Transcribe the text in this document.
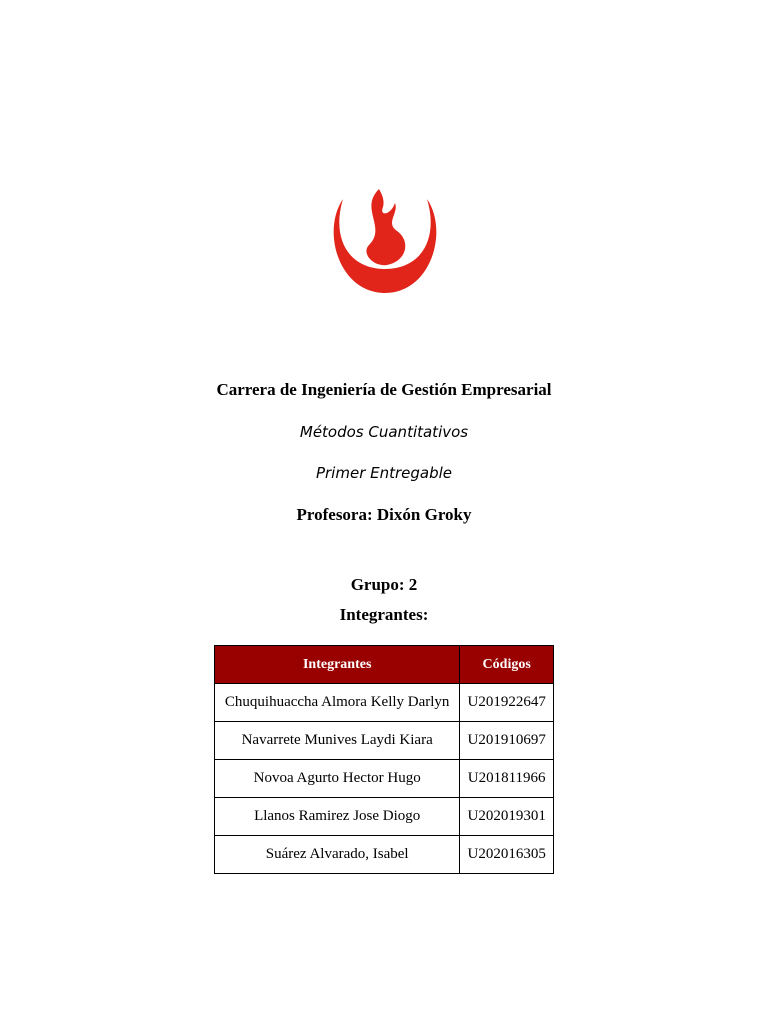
Carrera de Ingeniería de Gestión Empresarial
Métodos Cuantitativos
Primer Entregable
Profesora: Dixón Groky
Grupo: 2
Integrantes:
Integrantes	Códigos
Chuquihuaccha Almora Kelly Darlyn	U201922647
Navarrete Munives Laydi Kiara	U201910697
Novoa Agurto Hector Hugo	U201811966
Llanos Ramirez Jose Diogo	U202019301
Suárez Alvarado, Isabel	U202016305
